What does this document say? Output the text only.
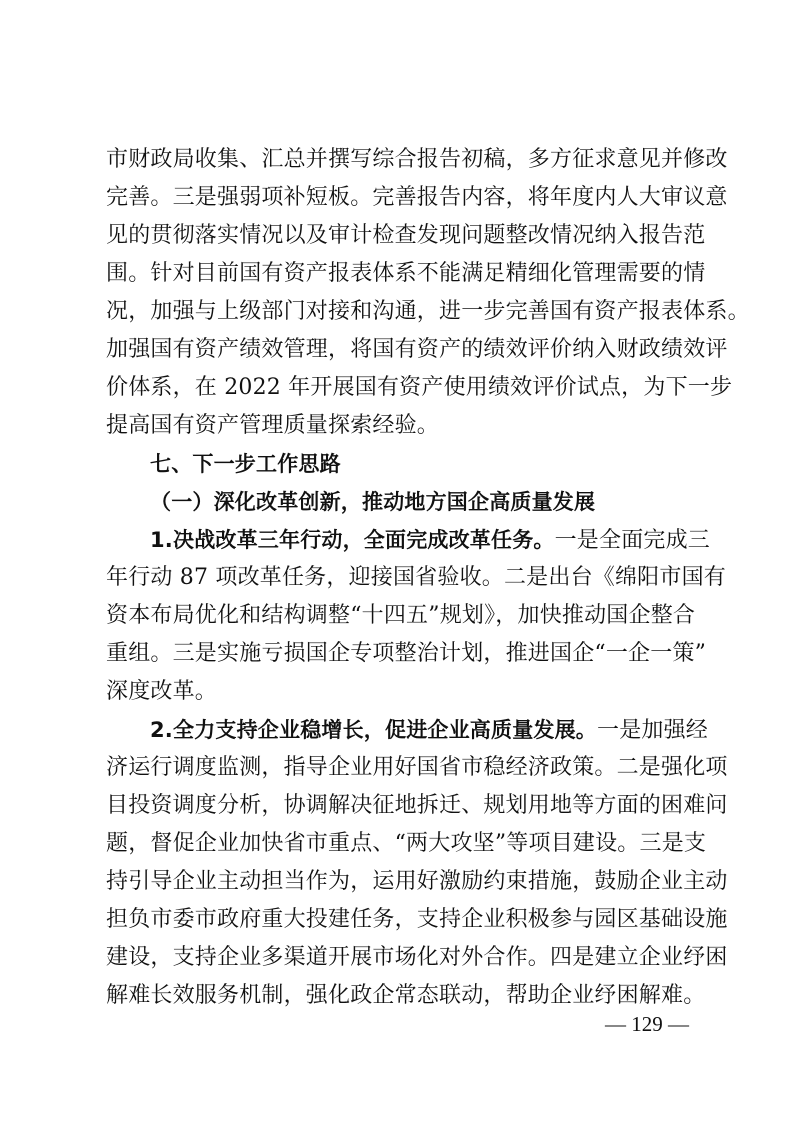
市财政局收集、汇总并撰写综合报告初稿，多方征求意见并修改
完善。三是强弱项补短板。完善报告内容，将年度内人大审议意
见的贯彻落实情况以及审计检查发现问题整改情况纳入报告范
围。针对目前国有资产报表体系不能满足精细化管理需要的情
况，加强与上级部门对接和沟通，进一步完善国有资产报表体系。
加强国有资产绩效管理，将国有资产的绩效评价纳入财政绩效评
价体系，在 2022 年开展国有资产使用绩效评价试点，为下一步
提高国有资产管理质量探索经验。
七、下一步工作思路
（一）深化改革创新，推动地方国企高质量发展
1.决战改革三年行动，全面完成改革任务。一是全面完成三
年行动 87 项改革任务，迎接国省验收。二是出台《绵阳市国有
资本布局优化和结构调整“十四五”规划》，加快推动国企整合
重组。三是实施亏损国企专项整治计划，推进国企“一企一策”
深度改革。
2.全力支持企业稳增长，促进企业高质量发展。一是加强经
济运行调度监测，指导企业用好国省市稳经济政策。二是强化项
目投资调度分析，协调解决征地拆迁、规划用地等方面的困难问
题，督促企业加快省市重点、“两大攻坚”等项目建设。三是支
持引导企业主动担当作为，运用好激励约束措施，鼓励企业主动
担负市委市政府重大投建任务，支持企业积极参与园区基础设施
建设，支持企业多渠道开展市场化对外合作。四是建立企业纾困
解难长效服务机制，强化政企常态联动，帮助企业纾困解难。
— 129 —
